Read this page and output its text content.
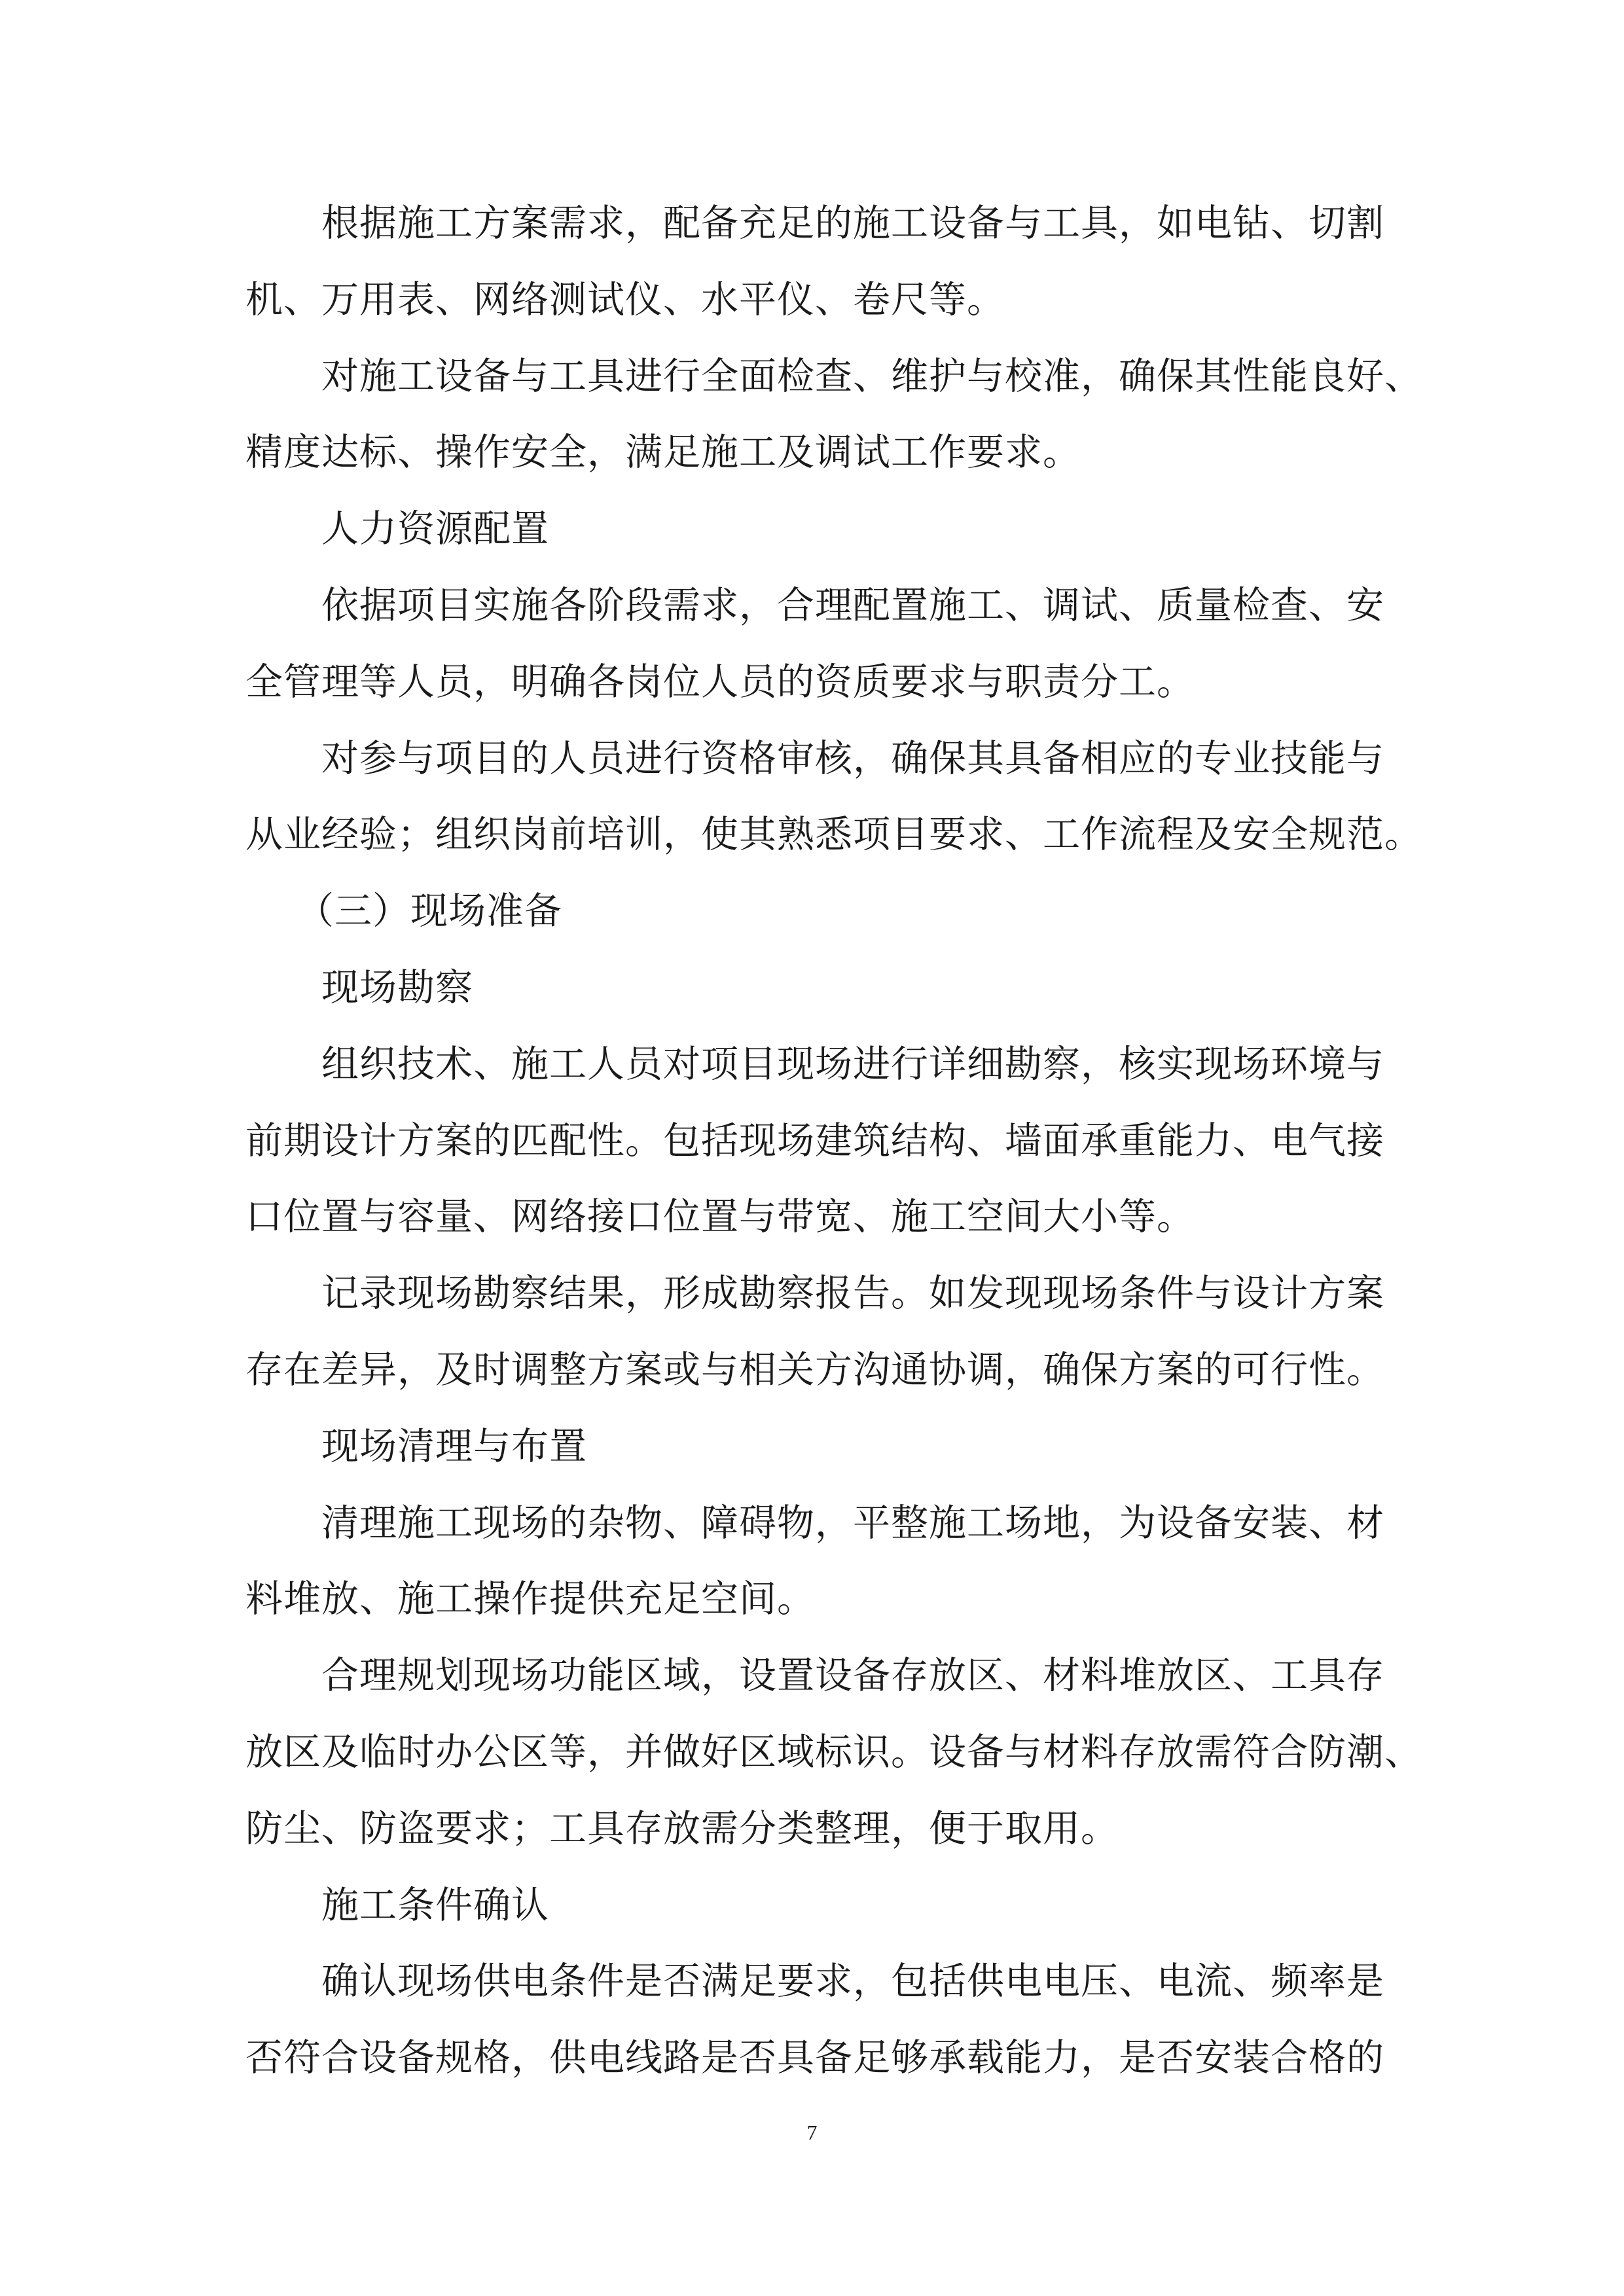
根据施工方案需求，配备充足的施工设备与工具，如电钻、切割
机、万用表、网络测试仪、水平仪、卷尺等。
对施工设备与工具进行全面检查、维护与校准，确保其性能良好、
精度达标、操作安全，满足施工及调试工作要求。
人力资源配置
依据项目实施各阶段需求，合理配置施工、调试、质量检查、安
全管理等人员，明确各岗位人员的资质要求与职责分工。
对参与项目的人员进行资格审核，确保其具备相应的专业技能与
从业经验；组织岗前培训，使其熟悉项目要求、工作流程及安全规范。
（三）现场准备
现场勘察
组织技术、施工人员对项目现场进行详细勘察，核实现场环境与
前期设计方案的匹配性。包括现场建筑结构、墙面承重能力、电气接
口位置与容量、网络接口位置与带宽、施工空间大小等。
记录现场勘察结果，形成勘察报告。如发现现场条件与设计方案
存在差异，及时调整方案或与相关方沟通协调，确保方案的可行性。
现场清理与布置
清理施工现场的杂物、障碍物，平整施工场地，为设备安装、材
料堆放、施工操作提供充足空间。
合理规划现场功能区域，设置设备存放区、材料堆放区、工具存
放区及临时办公区等，并做好区域标识。设备与材料存放需符合防潮、
防尘、防盗要求；工具存放需分类整理，便于取用。
施工条件确认
确认现场供电条件是否满足要求，包括供电电压、电流、频率是
否符合设备规格，供电线路是否具备足够承载能力，是否安装合格的
7
